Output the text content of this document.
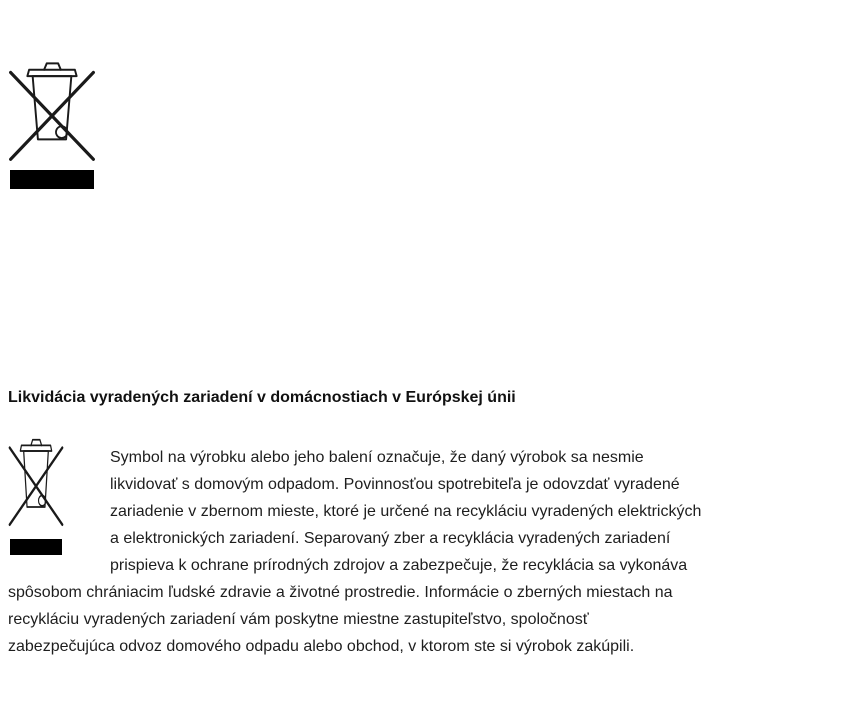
Likvidácia vyradených zariadení v domácnostiach v Európskej únii
Symbol na výrobku alebo jeho balení označuje, že daný výrobok sa nesmie
likvidovať s domovým odpadom. Povinnosťou spotrebiteľa je odovzdať vyradené
zariadenie v zbernom mieste, ktoré je určené na recykláciu vyradených elektrických
a elektronických zariadení. Separovaný zber a recyklácia vyradených zariadení
prispieva k ochrane prírodných zdrojov a zabezpečuje, že recyklácia sa vykonáva
spôsobom chrániacim ľudské zdravie a životné prostredie. Informácie o zberných miestach na
recykláciu vyradených zariadení vám poskytne miestne zastupiteľstvo, spoločnosť
zabezpečujúca odvoz domového odpadu alebo obchod, v ktorom ste si výrobok zakúpili.
